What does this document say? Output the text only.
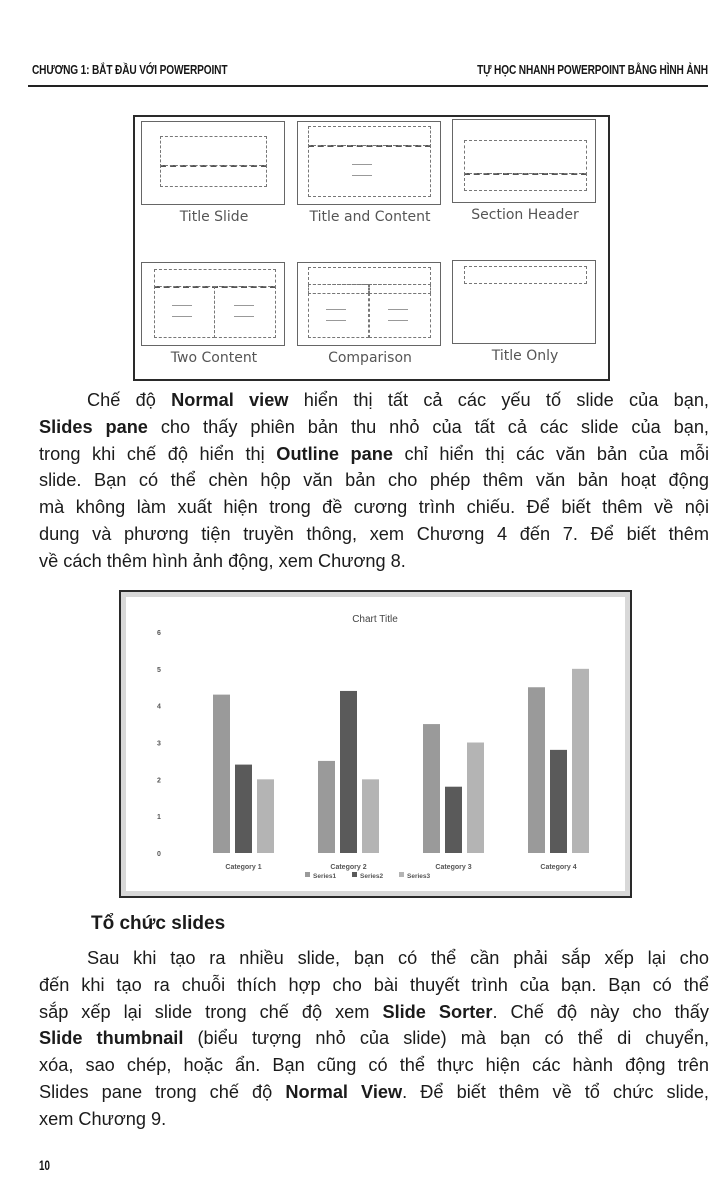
CHƯƠNG 1: BẮT ĐẦU VỚI POWERPOINT	TỰ HỌC NHANH POWERPOINT BẰNG HÌNH ẢNH
Title Slide	Title and Content	Section Header
Two Content	Comparison	Title Only
Chế độ Normal view hiển thị tất cả các yếu tố slide của bạn,
Slides pane cho thấy phiên bản thu nhỏ của tất cả các slide của bạn,
trong khi chế độ hiển thị Outline pane chỉ hiển thị các văn bản của mỗi
slide. Bạn có thể chèn hộp văn bản cho phép thêm văn bản hoạt động
mà không làm xuất hiện trong đề cương trình chiếu. Để biết thêm về nội
dung và phương tiện truyền thông, xem Chương 4 đến 7. Để biết thêm
về cách thêm hình ảnh động, xem Chương 8.
Chart Title
0
1
2
3
4
5
6
Category 1	Category 2	Category 3	Category 4
Series1	Series2	Series3
Tổ chức slides
Sau khi tạo ra nhiều slide, bạn có thể cần phải sắp xếp lại cho
đến khi tạo ra chuỗi thích hợp cho bài thuyết trình của bạn. Bạn có thể
sắp xếp lại slide trong chế độ xem Slide Sorter. Chế độ này cho thấy
Slide thumbnail (biểu tượng nhỏ của slide) mà bạn có thể di chuyển,
xóa, sao chép, hoặc ẩn. Bạn cũng có thể thực hiện các hành động trên
Slides pane trong chế độ Normal View. Để biết thêm về tổ chức slide,
xem Chương 9.
10
